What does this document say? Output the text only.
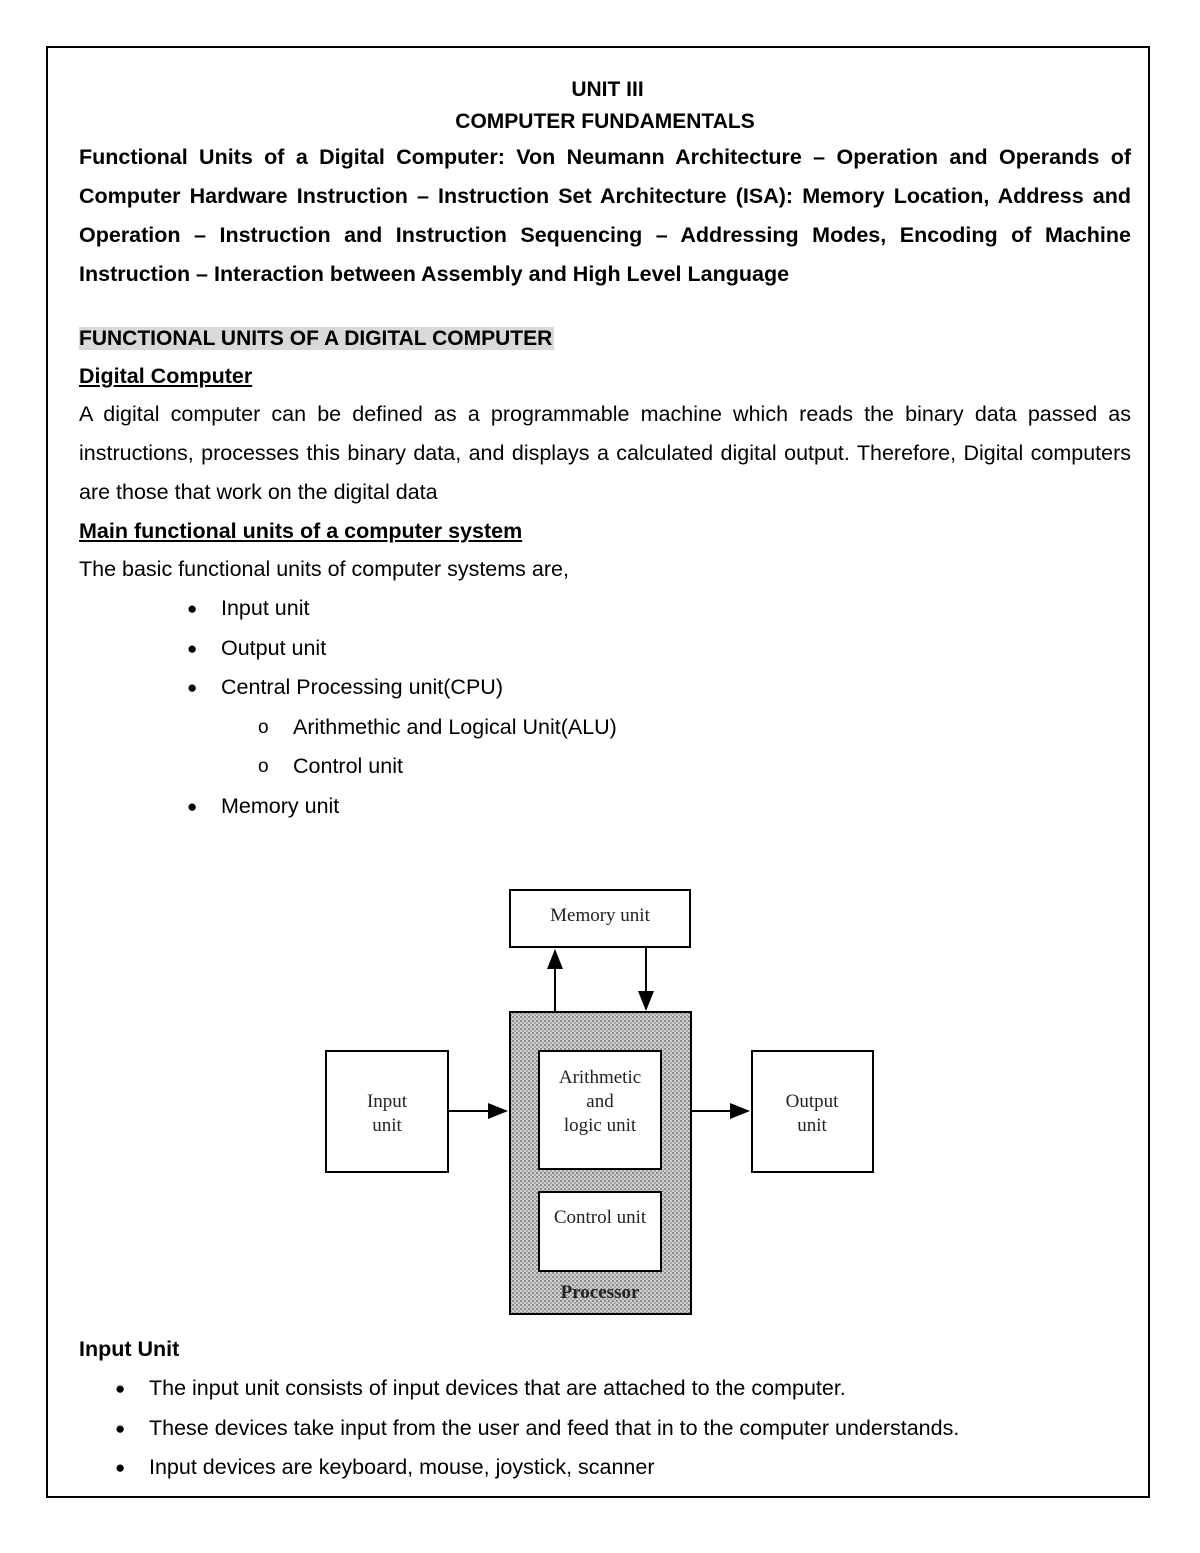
UNIT III
COMPUTER FUNDAMENTALS

Functional Units of a Digital Computer: Von Neumann Architecture – Operation and Operands of Computer Hardware Instruction – Instruction Set Architecture (ISA): Memory Location, Address and Operation – Instruction and Instruction Sequencing – Addressing Modes, Encoding of Machine Instruction – Interaction between Assembly and High Level Language

FUNCTIONAL UNITS OF A DIGITAL COMPUTER
Digital Computer

A digital computer can be defined as a programmable machine which reads the binary data passed as instructions, processes this binary data, and displays a calculated digital output. Therefore, Digital computers are those that work on the digital data

Main functional units of a computer system

The basic functional units of computer systems are,

● Input unit
● Output unit
● Central Processing unit(CPU)
o Arithmethic and Logical Unit(ALU)
o Control unit
● Memory unit
Memory unit
Arithmetic
and
logic unit
Control unit
Processor
Input
unit
Output
unit
Input Unit
● The input unit consists of input devices that are attached to the computer.
● These devices take input from the user and feed that in to the computer understands.
● Input devices are keyboard, mouse, joystick, scanner
